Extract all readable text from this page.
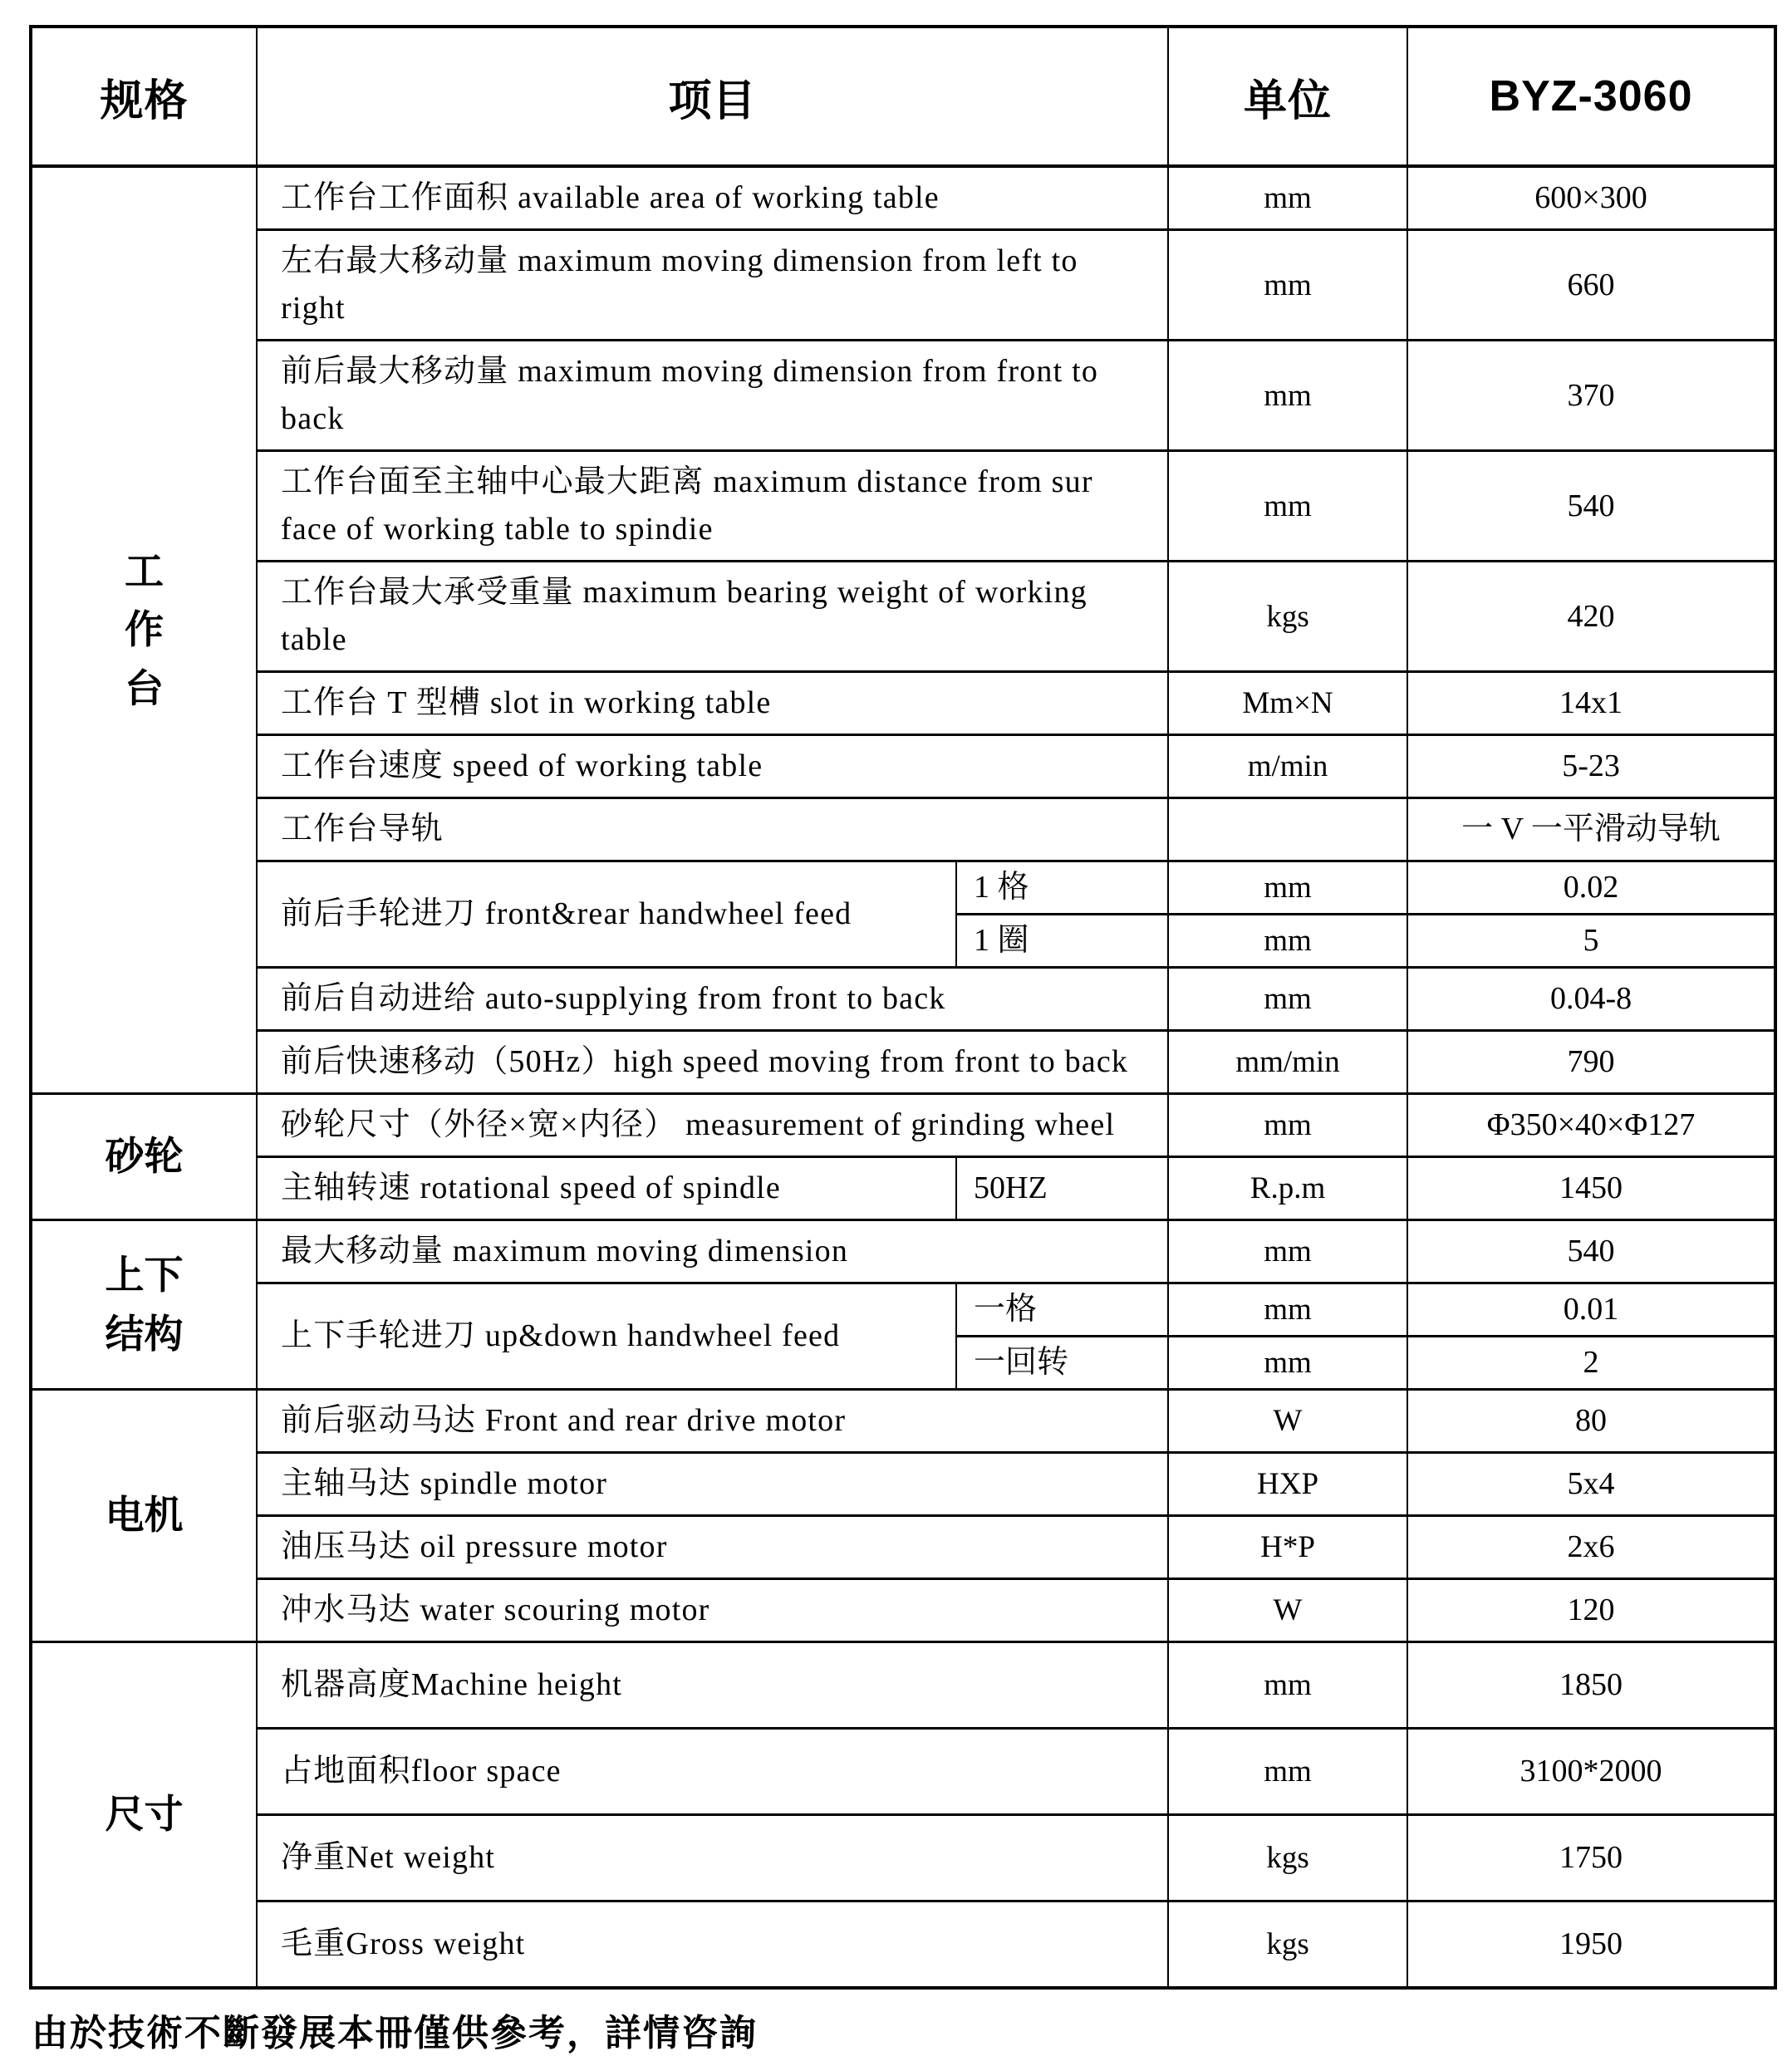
规格	项目		单位	BYZ-3060

工作台	工作台工作面积 available area of working table		mm	600×300
	左右最大移动量 maximum moving dimension from left to right		mm	660
	前后最大移动量 maximum moving dimension from front to back		mm	370
	工作台面至主轴中心最大距离 maximum distance from sur face of working table to spindie		mm	540
	工作台最大承受重量 maximum bearing weight of working table		kgs	420
	工作台 T 型槽 slot in working table		Mm×N	14x1
	工作台速度 speed of working table		m/min	5-23
	工作台导轨			一 V 一平滑动导轨
	前后手轮进刀 front&rear handwheel feed	1 格	mm	0.02
		1 圈	mm	5
	前后自动进给 auto-supplying from front to back		mm	0.04-8
	前后快速移动（50Hz）high speed moving from front to back		mm/min	790

砂轮	砂轮尺寸（外径×宽×内径） measurement of grinding wheel		mm	Φ350×40×Φ127
	主轴转速 rotational speed of spindle	50HZ	R.p.m	1450

上下结构	最大移动量 maximum moving dimension		mm	540
	上下手轮进刀 up&down handwheel feed	一格	mm	0.01
		一回转	mm	2

电机	前后驱动马达 Front and rear drive motor		W	80
	主轴马达 spindle motor		HXP	5x4
	油压马达 oil pressure motor		H*P	2x6
	冲水马达 water scouring motor		W	120

尺寸	机器高度Machine height		mm	1850
	占地面积floor space		mm	3100*2000
	净重Net weight		kgs	1750
	毛重Gross weight		kgs	1950
由於技術不斷發展本冊僅供參考，詳情咨詢
